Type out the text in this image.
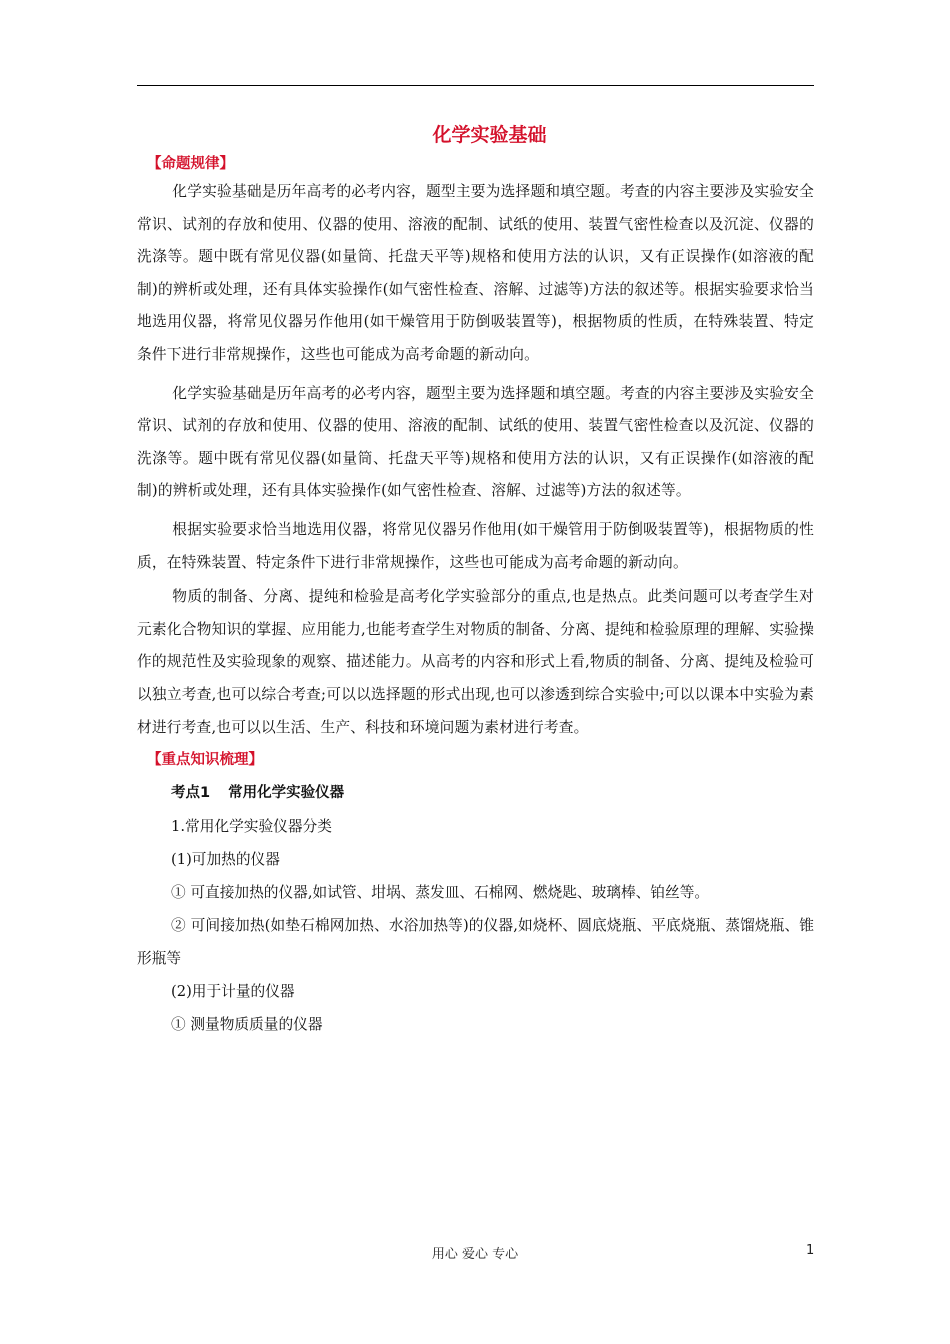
化学实验基础
【命题规律】

化学实验基础是历年高考的必考内容，题型主要为选择题和填空题。考查的内容主要涉及实验安全常识、试剂的存放和使用、仪器的使用、溶液的配制、试纸的使用、装置气密性检查以及沉淀、仪器的洗涤等。题中既有常见仪器(如量筒、托盘天平等)规格和使用方法的认识，又有正误操作(如溶液的配制)的辨析或处理，还有具体实验操作(如气密性检查、溶解、过滤等)方法的叙述等。根据实验要求恰当地选用仪器，将常见仪器另作他用(如干燥管用于防倒吸装置等)，根据物质的性质，在特殊装置、特定条件下进行非常规操作，这些也可能成为高考命题的新动向。

化学实验基础是历年高考的必考内容，题型主要为选择题和填空题。考查的内容主要涉及实验安全常识、试剂的存放和使用、仪器的使用、溶液的配制、试纸的使用、装置气密性检查以及沉淀、仪器的洗涤等。题中既有常见仪器(如量筒、托盘天平等)规格和使用方法的认识，又有正误操作(如溶液的配制)的辨析或处理，还有具体实验操作(如气密性检查、溶解、过滤等)方法的叙述等。

根据实验要求恰当地选用仪器，将常见仪器另作他用(如干燥管用于防倒吸装置等)，根据物质的性质，在特殊装置、特定条件下进行非常规操作，这些也可能成为高考命题的新动向。

物质的制备、分离、提纯和检验是高考化学实验部分的重点,也是热点。此类问题可以考查学生对元素化合物知识的掌握、应用能力,也能考查学生对物质的制备、分离、提纯和检验原理的理解、实验操作的规范性及实验现象的观察、描述能力。从高考的内容和形式上看,物质的制备、分离、提纯及检验可以独立考查,也可以综合考查;可以以选择题的形式出现,也可以渗透到综合实验中;可以以课本中实验为素材进行考查,也可以以生活、生产、科技和环境问题为素材进行考查。

【重点知识梳理】
考点1 常用化学实验仪器

1.常用化学实验仪器分类

(1)可加热的仪器

① 可直接加热的仪器,如试管、坩埚、蒸发皿、石棉网、燃烧匙、玻璃棒、铂丝等。

② 可间接加热(如垫石棉网加热、水浴加热等)的仪器,如烧杯、圆底烧瓶、平底烧瓶、蒸馏烧瓶、锥形瓶等

(2)用于计量的仪器

① 测量物质质量的仪器

用心 爱心 专心	1
